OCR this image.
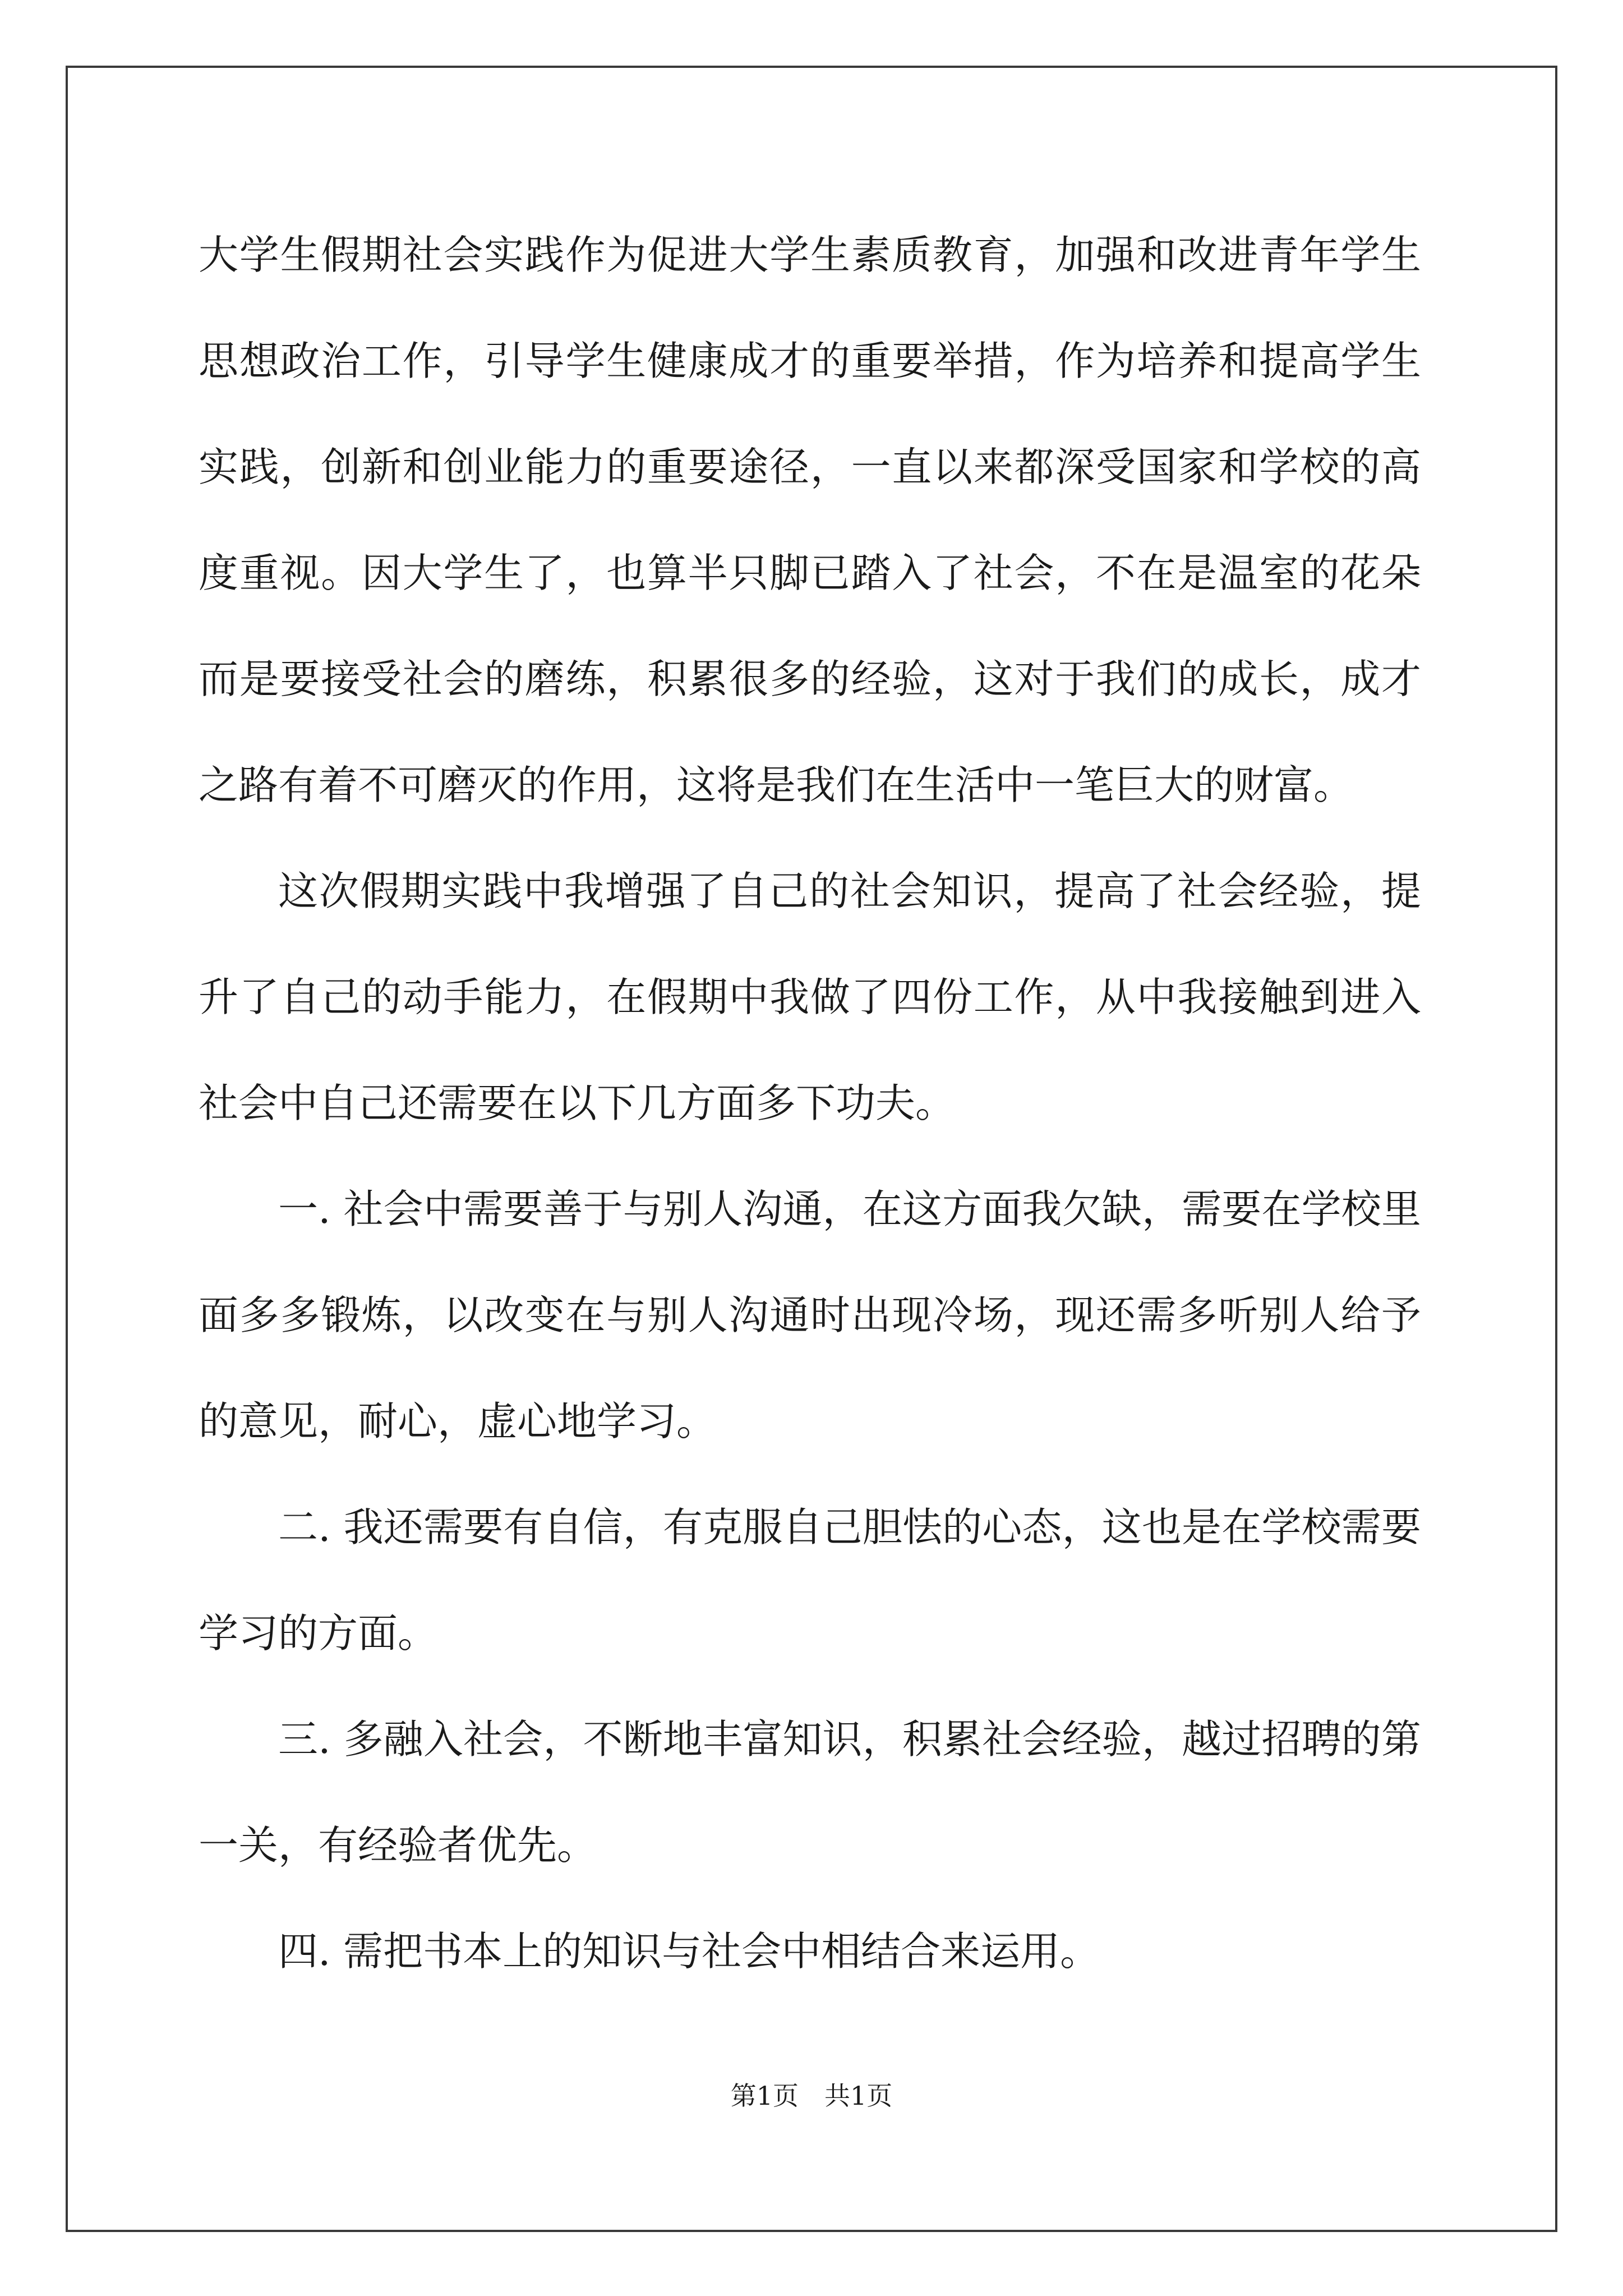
大学生假期社会实践作为促进大学生素质教育，加强和改进青年学生思想政治工作，引导学生健康成才的重要举措，作为培养和提高学生实践，创新和创业能力的重要途径，一直以来都深受国家和学校的高度重视。因大学生了，也算半只脚已踏入了社会，不在是温室的花朵而是要接受社会的磨练，积累很多的经验，这对于我们的成长，成才之路有着不可磨灭的作用，这将是我们在生活中一笔巨大的财富。

这次假期实践中我增强了自己的社会知识，提高了社会经验，提升了自己的动手能力，在假期中我做了四份工作，从中我接触到进入社会中自己还需要在以下几方面多下功夫。

一. 社会中需要善于与别人沟通，在这方面我欠缺，需要在学校里面多多锻炼，以改变在与别人沟通时出现冷场，现还需多听别人给予的意见，耐心，虚心地学习。

二. 我还需要有自信，有克服自己胆怯的心态，这也是在学校需要学习的方面。

三. 多融入社会，不断地丰富知识，积累社会经验，越过招聘的第一关，有经验者优先。

四. 需把书本上的知识与社会中相结合来运用。

第1页　共1页
